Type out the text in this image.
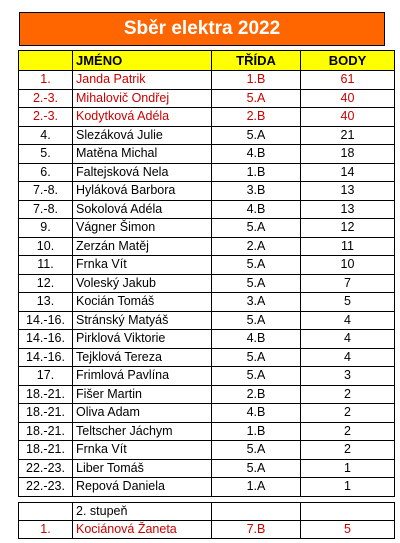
Sběr elektra 2022
	JMÉNO	TŘÍDA	BODY
1.	Janda Patrik	1.B	61
2.-3.	Mihalovič Ondřej	5.A	40
2.-3.	Kodytková Adéla	2.B	40
4.	Slezáková Julie	5.A	21
5.	Matěna Michal	4.B	18
6.	Faltejsková Nela	1.B	14
7.-8.	Hyláková Barbora	3.B	13
7.-8.	Sokolová Adéla	4.B	13
9.	Vágner Šimon	5.A	12
10.	Zerzán Matěj	2.A	11
11.	Frnka Vít	5.A	10
12.	Voleský Jakub	5.A	7
13.	Kocián Tomáš	3.A	5
14.-16.	Stránský Matyáš	5.A	4
14.-16.	Pirklová Viktorie	4.B	4
14.-16.	Tejklová Tereza	5.A	4
17.	Frimlová Pavlína	5.A	3
18.-21.	Fišer Martin	2.B	2
18.-21.	Oliva Adam	4.B	2
18.-21.	Teltscher Jáchym	1.B	2
18.-21.	Frnka Vít	5.A	2
22.-23.	Liber Tomáš	5.A	1
22.-23.	Repová Daniela	1.A	1
	2. stupeň		
1.	Kociánová Žaneta	7.B	5
